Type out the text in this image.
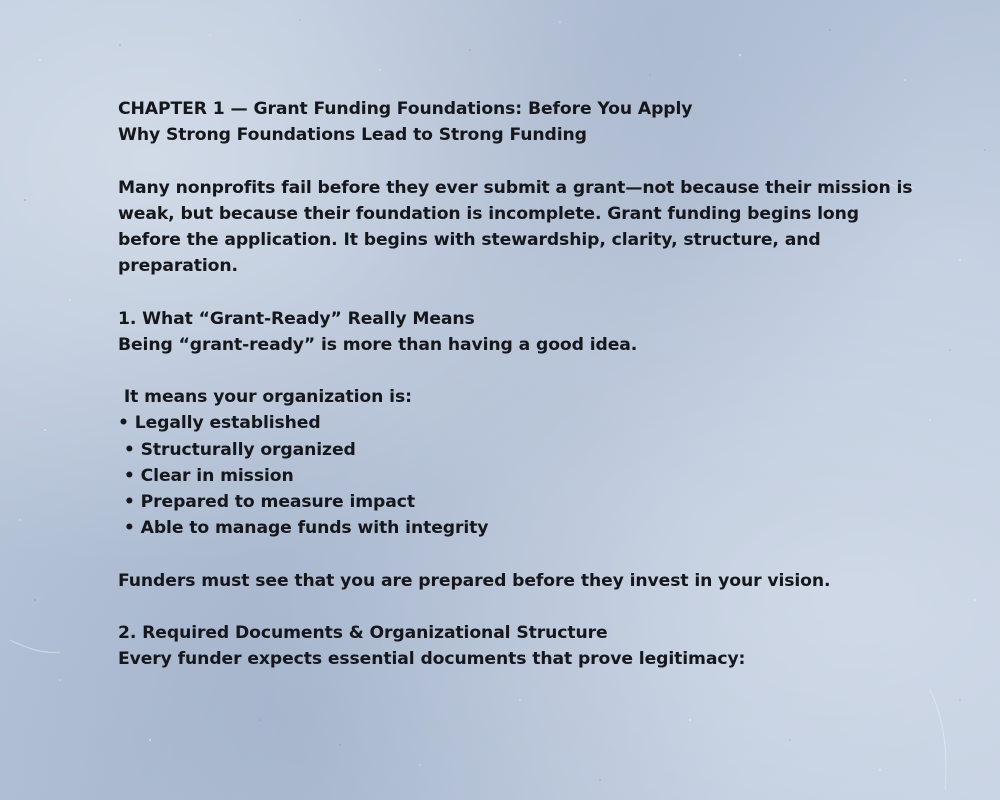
CHAPTER 1 — Grant Funding Foundations: Before You Apply
Why Strong Foundations Lead to Strong Funding
Many nonprofits fail before they ever submit a grant—not because their mission is weak, but because their foundation is incomplete. Grant funding begins long before the application. It begins with stewardship, clarity, structure, and preparation.
1. What “Grant-Ready” Really Means
Being “grant-ready” is more than having a good idea.
It means your organization is:
• Legally established
• Structurally organized
• Clear in mission
• Prepared to measure impact
• Able to manage funds with integrity
Funders must see that you are prepared before they invest in your vision.
2. Required Documents & Organizational Structure
Every funder expects essential documents that prove legitimacy:
